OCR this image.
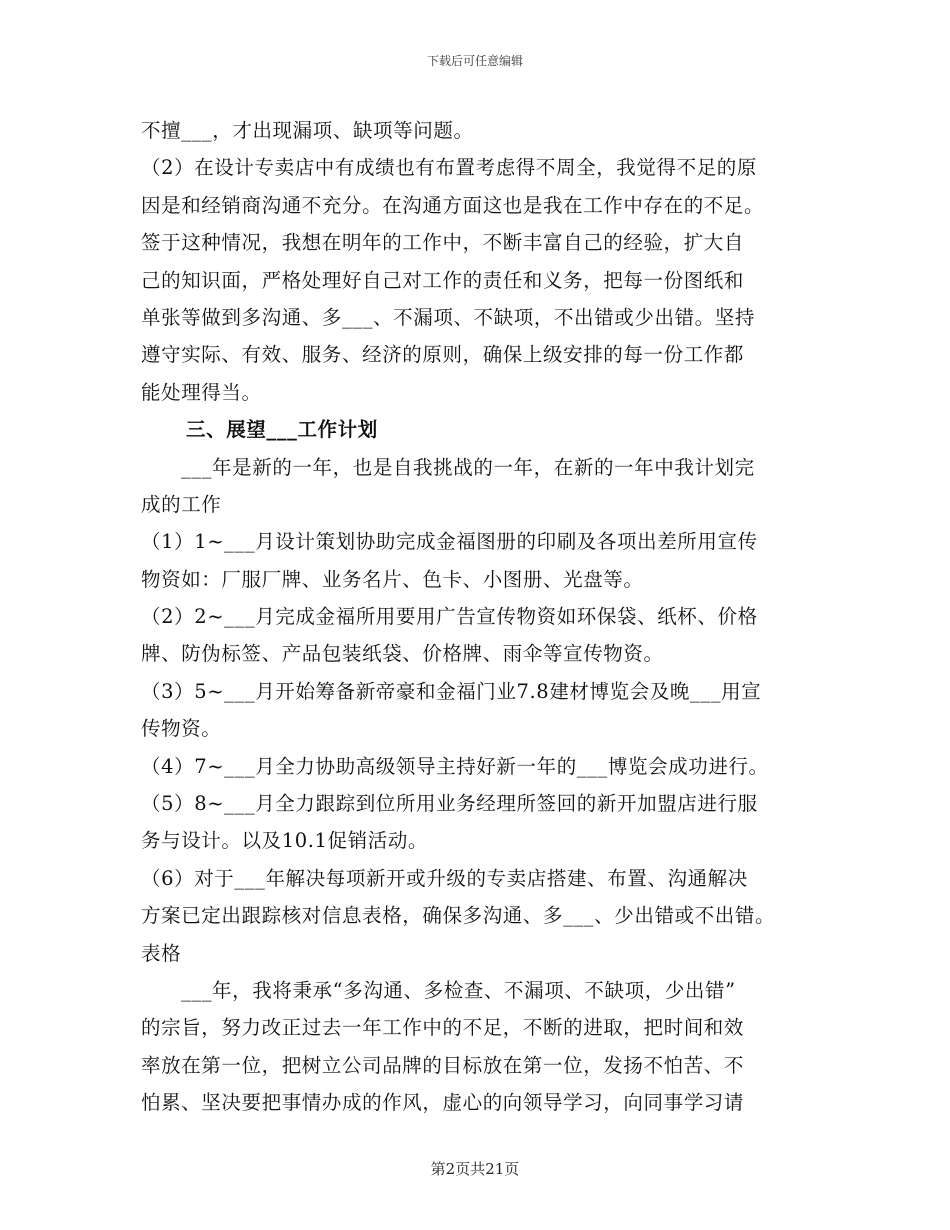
下载后可任意编辑
不擅___，才出现漏项、缺项等问题。
（2）在设计专卖店中有成绩也有布置考虑得不周全，我觉得不足的原
因是和经销商沟通不充分。在沟通方面这也是我在工作中存在的不足。
签于这种情况，我想在明年的工作中，不断丰富自己的经验，扩大自
己的知识面，严格处理好自己对工作的责任和义务，把每一份图纸和
单张等做到多沟通、多___、不漏项、不缺项，不出错或少出错。坚持
遵守实际、有效、服务、经济的原则，确保上级安排的每一份工作都
能处理得当。
三、展望___工作计划
___年是新的一年，也是自我挑战的一年，在新的一年中我计划完
成的工作
（1）1~___月设计策划协助完成金福图册的印刷及各项出差所用宣传
物资如：厂服厂牌、业务名片、色卡、小图册、光盘等。
（2）2~___月完成金福所用要用广告宣传物资如环保袋、纸杯、价格
牌、防伪标签、产品包装纸袋、价格牌、雨伞等宣传物资。
（3）5~___月开始筹备新帝豪和金福门业7.8建材博览会及晚___用宣
传物资。
（4）7~___月全力协助高级领导主持好新一年的___博览会成功进行。
（5）8~___月全力跟踪到位所用业务经理所签回的新开加盟店进行服
务与设计。以及10.1促销活动。
（6）对于___年解决每项新开或升级的专卖店搭建、布置、沟通解决
方案已定出跟踪核对信息表格，确保多沟通、多___、少出错或不出错。
表格
___年，我将秉承“多沟通、多检查、不漏项、不缺项，少出错”
的宗旨，努力改正过去一年工作中的不足，不断的进取，把时间和效
率放在第一位，把树立公司品牌的目标放在第一位，发扬不怕苦、不
怕累、坚决要把事情办成的作风，虚心的向领导学习，向同事学习请
第2页共21页
